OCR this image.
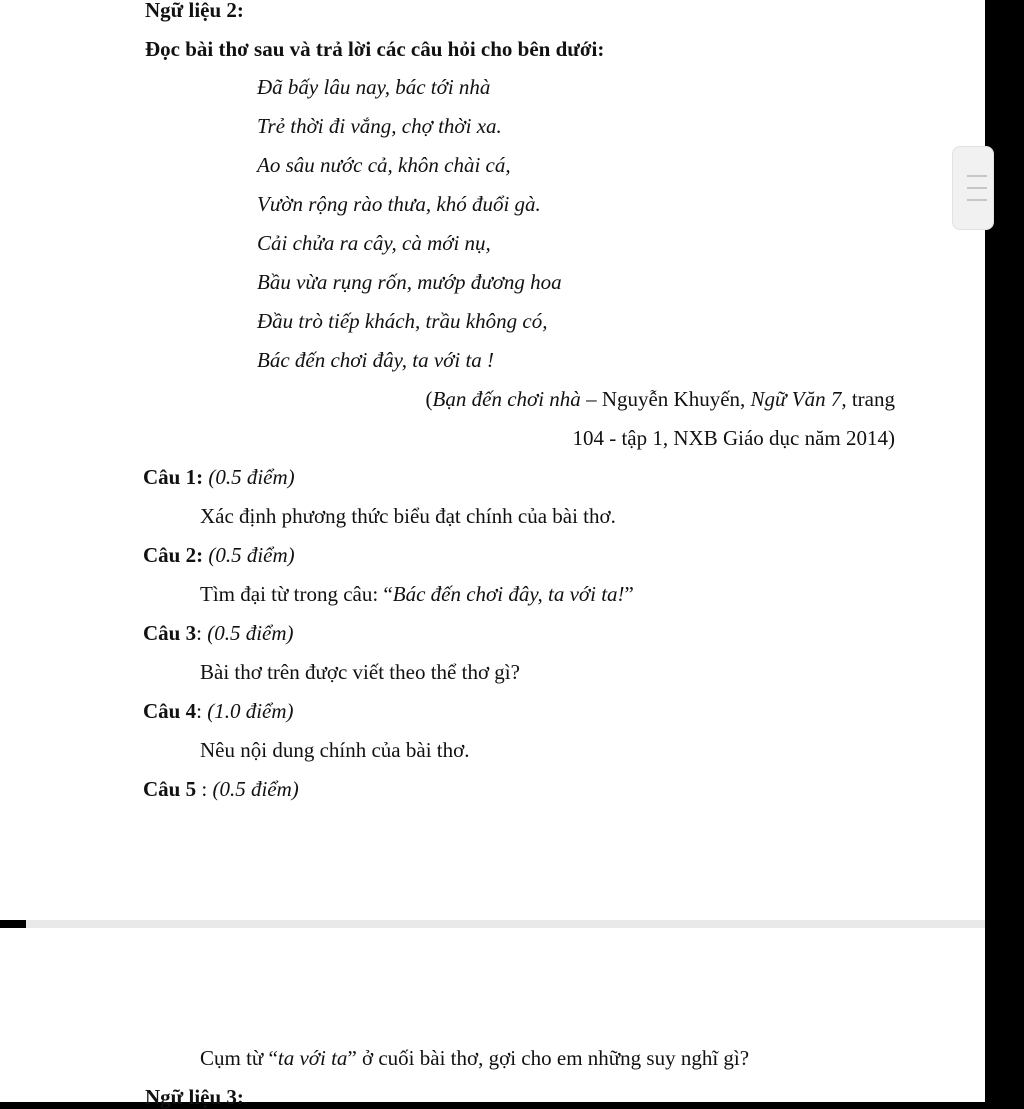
Ngữ liệu 2:
Đọc bài thơ sau và trả lời các câu hỏi cho bên dưới:
Đã bấy lâu nay, bác tới nhà
Trẻ thời đi vắng, chợ thời xa.
Ao sâu nước cả, khôn chài cá,
Vườn rộng rào thưa, khó đuổi gà.
Cải chửa ra cây, cà mới nụ,
Bầu vừa rụng rốn, mướp đương hoa
Đầu trò tiếp khách, trầu không có,
Bác đến chơi đây, ta với ta !
(Bạn đến chơi nhà – Nguyễn Khuyến, Ngữ Văn 7, trang
104 - tập 1, NXB Giáo dục năm 2014)
Câu 1: (0.5 điểm)
Xác định phương thức biểu đạt chính của bài thơ.
Câu 2: (0.5 điểm)
Tìm đại từ trong câu: “Bác đến chơi đây, ta với ta!”
Câu 3: (0.5 điểm)
Bài thơ trên được viết theo thể thơ gì?
Câu 4: (1.0 điểm)
Nêu nội dung chính của bài thơ.
Câu 5 : (0.5 điểm)
Cụm từ “ta với ta” ở cuối bài thơ, gợi cho em những suy nghĩ gì?
Ngữ liệu 3:
